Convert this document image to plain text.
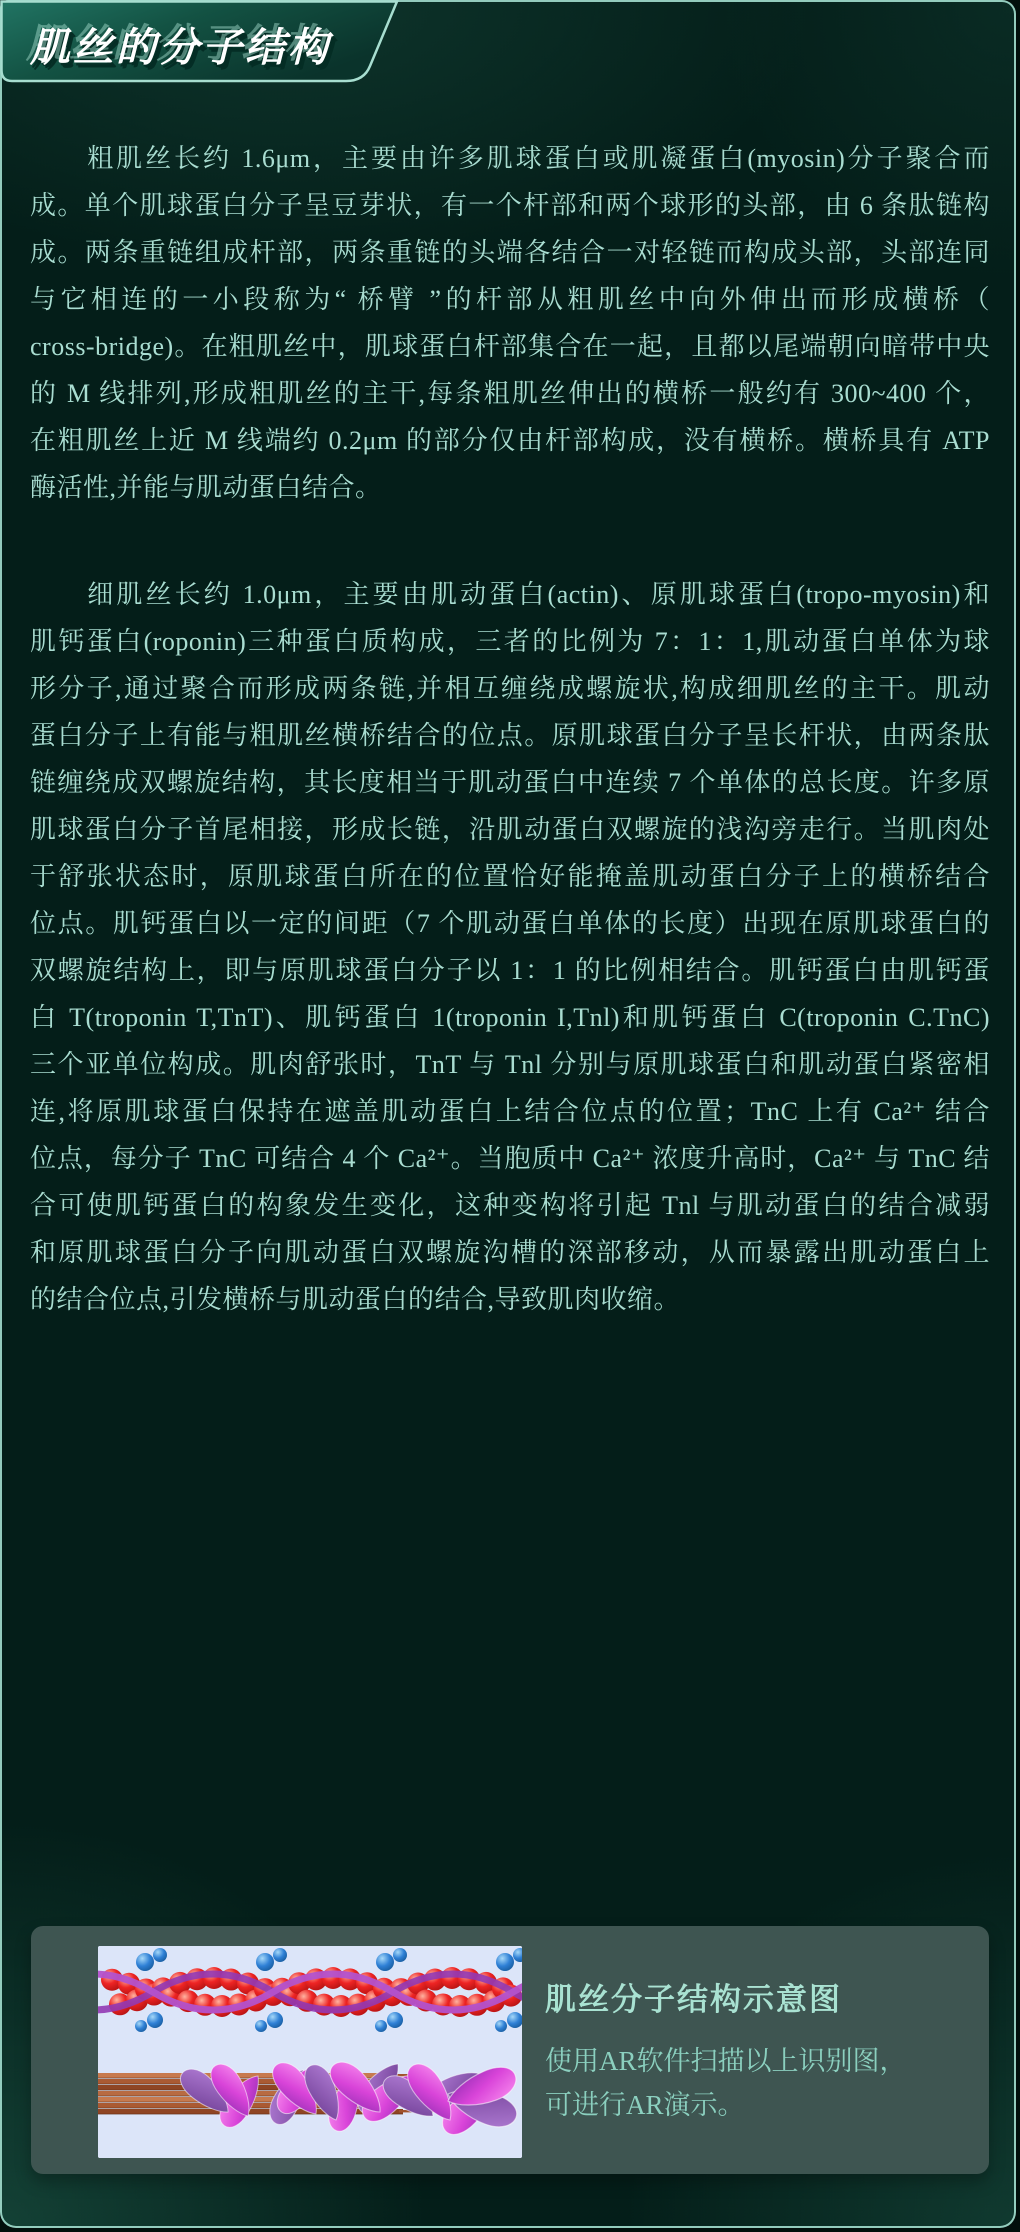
肌丝的分子结构
粗肌丝长约 1.6μm，主要由许多肌球蛋白或肌凝蛋白(myosin)分子聚合而
成。单个肌球蛋白分子呈豆芽状，有一个杆部和两个球形的头部，由 6 条肽链构
成。两条重链组成杆部，两条重链的头端各结合一对轻链而构成头部，头部连同
与它相连的一小段称为“ 桥臂 ”的杆部从粗肌丝中向外伸出而形成横桥（
cross-bridge)。在粗肌丝中，肌球蛋白杆部集合在一起，且都以尾端朝向暗带中央
的 M 线排列,形成粗肌丝的主干,每条粗肌丝伸出的横桥一般约有 300~400 个，
在粗肌丝上近 M 线端约 0.2μm 的部分仅由杆部构成，没有横桥。横桥具有 ATP
酶活性,并能与肌动蛋白结合。
细肌丝长约 1.0μm，主要由肌动蛋白(actin)、原肌球蛋白(tropo-myosin)和
肌钙蛋白(roponin)三种蛋白质构成，三者的比例为 7：1：1,肌动蛋白单体为球
形分子,通过聚合而形成两条链,并相互缠绕成螺旋状,构成细肌丝的主干。肌动
蛋白分子上有能与粗肌丝横桥结合的位点。原肌球蛋白分子呈长杆状，由两条肽
链缠绕成双螺旋结构，其长度相当于肌动蛋白中连续 7 个单体的总长度。许多原
肌球蛋白分子首尾相接，形成长链，沿肌动蛋白双螺旋的浅沟旁走行。当肌肉处
于舒张状态时，原肌球蛋白所在的位置恰好能掩盖肌动蛋白分子上的横桥结合
位点。肌钙蛋白以一定的间距（7 个肌动蛋白单体的长度）出现在原肌球蛋白的
双螺旋结构上，即与原肌球蛋白分子以 1：1 的比例相结合。肌钙蛋白由肌钙蛋
白 T(troponin T,TnT)、肌钙蛋白 1(troponin I,Tnl)和肌钙蛋白 C(troponin C.TnC)
三个亚单位构成。肌肉舒张时，TnT 与 Tnl 分别与原肌球蛋白和肌动蛋白紧密相
连,将原肌球蛋白保持在遮盖肌动蛋白上结合位点的位置；TnC 上有 Ca²⁺ 结合
位点，每分子 TnC 可结合 4 个 Ca²⁺。当胞质中 Ca²⁺ 浓度升高时，Ca²⁺ 与 TnC 结
合可使肌钙蛋白的构象发生变化，这种变构将引起 Tnl 与肌动蛋白的结合减弱
和原肌球蛋白分子向肌动蛋白双螺旋沟槽的深部移动，从而暴露出肌动蛋白上
的结合位点,引发横桥与肌动蛋白的结合,导致肌肉收缩。
肌丝分子结构示意图
使用AR软件扫描以上识别图，
可进行AR演示。
